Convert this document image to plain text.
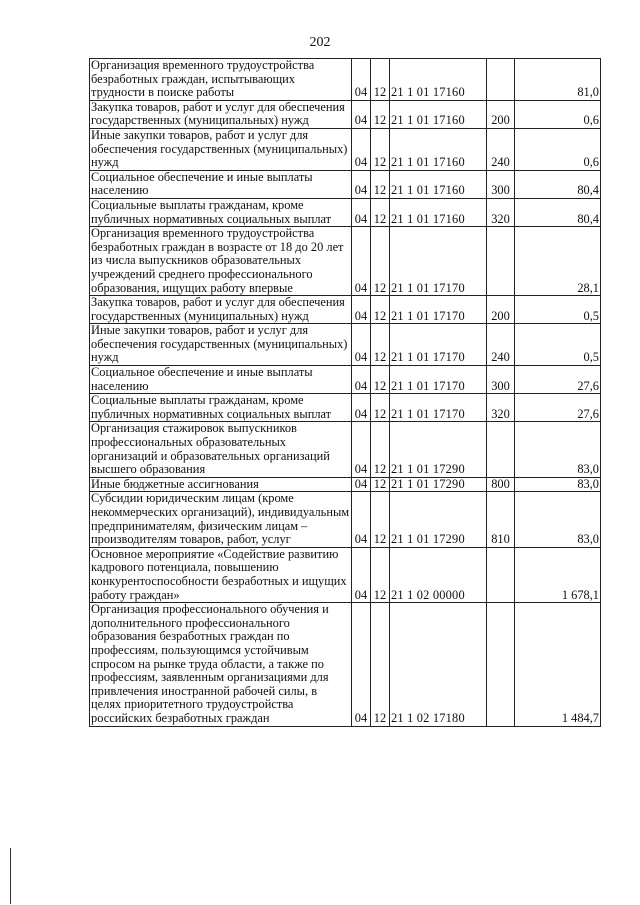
202
Организация временного трудоустройства безработных граждан, испытывающих трудности в поиске работы	04	12	21 1 01 17160		81,0
Закупка товаров, работ и услуг для обеспечения государственных (муниципальных) нужд	04	12	21 1 01 17160	200	0,6
Иные закупки товаров, работ и услуг для обеспечения государственных (муниципальных) нужд	04	12	21 1 01 17160	240	0,6
Социальное обеспечение и иные выплаты населению	04	12	21 1 01 17160	300	80,4
Социальные выплаты гражданам, кроме публичных нормативных социальных выплат	04	12	21 1 01 17160	320	80,4
Организация временного трудоустройства безработных граждан в возрасте от 18 до 20 лет из числа выпускников образовательных учреждений среднего профессионального образования, ищущих работу впервые	04	12	21 1 01 17170		28,1
Закупка товаров, работ и услуг для обеспечения государственных (муниципальных) нужд	04	12	21 1 01 17170	200	0,5
Иные закупки товаров, работ и услуг для обеспечения государственных (муниципальных) нужд	04	12	21 1 01 17170	240	0,5
Социальное обеспечение и иные выплаты населению	04	12	21 1 01 17170	300	27,6
Социальные выплаты гражданам, кроме публичных нормативных социальных выплат	04	12	21 1 01 17170	320	27,6
Организация стажировок выпускников профессиональных образовательных организаций и образовательных организаций высшего образования	04	12	21 1 01 17290		83,0
Иные бюджетные ассигнования	04	12	21 1 01 17290	800	83,0
Субсидии юридическим лицам (кроме некоммерческих организаций), индивидуальным предпринимателям, физическим лицам – производителям товаров, работ, услуг	04	12	21 1 01 17290	810	83,0
Основное мероприятие «Содействие развитию кадрового потенциала, повышению конкурентоспособности безработных и ищущих работу граждан»	04	12	21 1 02 00000		1 678,1
Организация профессионального обучения и дополнительного профессионального образования безработных граждан по профессиям, пользующимся устойчивым спросом на рынке труда области, а также по профессиям, заявленным организациями для привлечения иностранной рабочей силы, в целях приоритетного трудоустройства российских безработных граждан	04	12	21 1 02 17180		1 484,7
